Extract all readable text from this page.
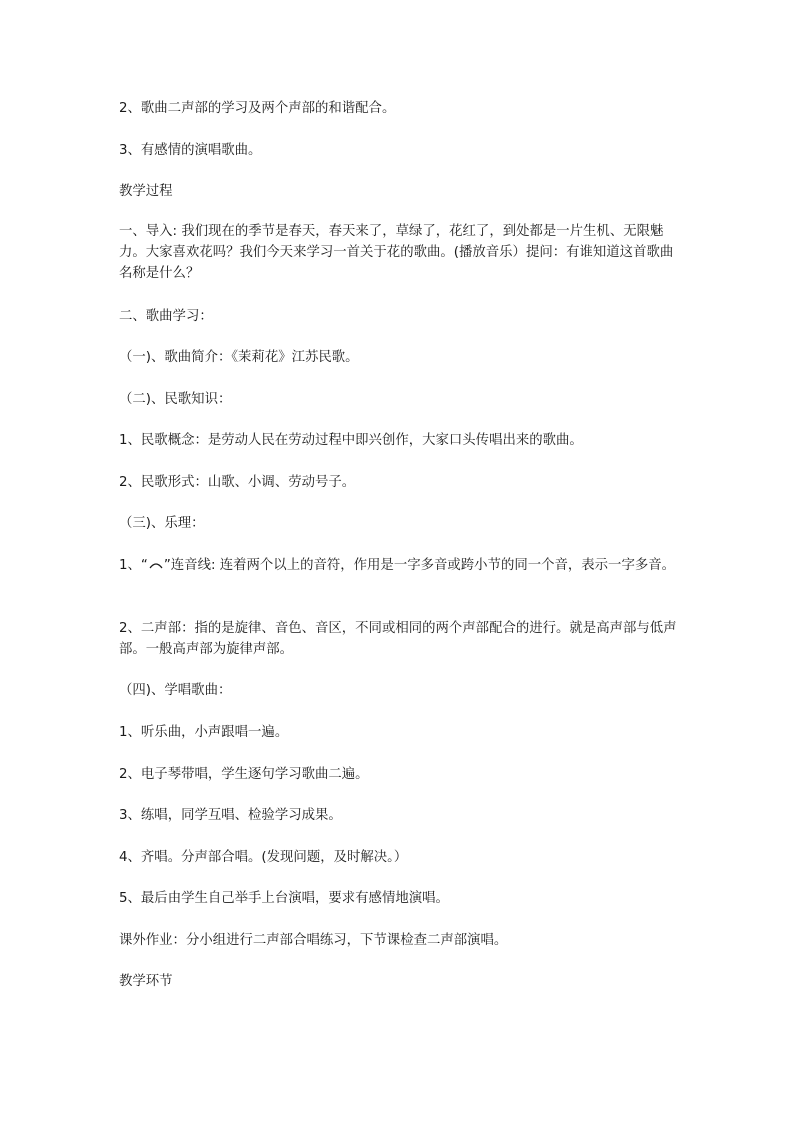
2、歌曲二声部的学习及两个声部的和谐配合。

3、有感情的演唱歌曲。

教学过程

一、导入: 我们现在的季节是春天，春天来了，草绿了，花红了，到处都是一片生机、无限魅力。大家喜欢花吗？我们今天来学习一首关于花的歌曲。(播放音乐）提问：有谁知道这首歌曲名称是什么？

二、歌曲学习：

（一)、歌曲简介：《茉莉花》江苏民歌。

（二)、民歌知识：

1、民歌概念：是劳动人民在劳动过程中即兴创作，大家口头传唱出来的歌曲。

2、民歌形式：山歌、小调、劳动号子。

（三)、乐理：

1、“ ”连音线: 连着两个以上的音符，作用是一字多音或跨小节的同一个音，表示一字多音。

2、二声部：指的是旋律、音色、音区，不同或相同的两个声部配合的进行。就是高声部与低声部。一般高声部为旋律声部。

（四)、学唱歌曲：

1、听乐曲，小声跟唱一遍。

2、电子琴带唱，学生逐句学习歌曲二遍。

3、练唱，同学互唱、检验学习成果。

4、齐唱。分声部合唱。(发现问题，及时解决。）

5、最后由学生自己举手上台演唱，要求有感情地演唱。

课外作业：分小组进行二声部合唱练习，下节课检查二声部演唱。

教学环节
